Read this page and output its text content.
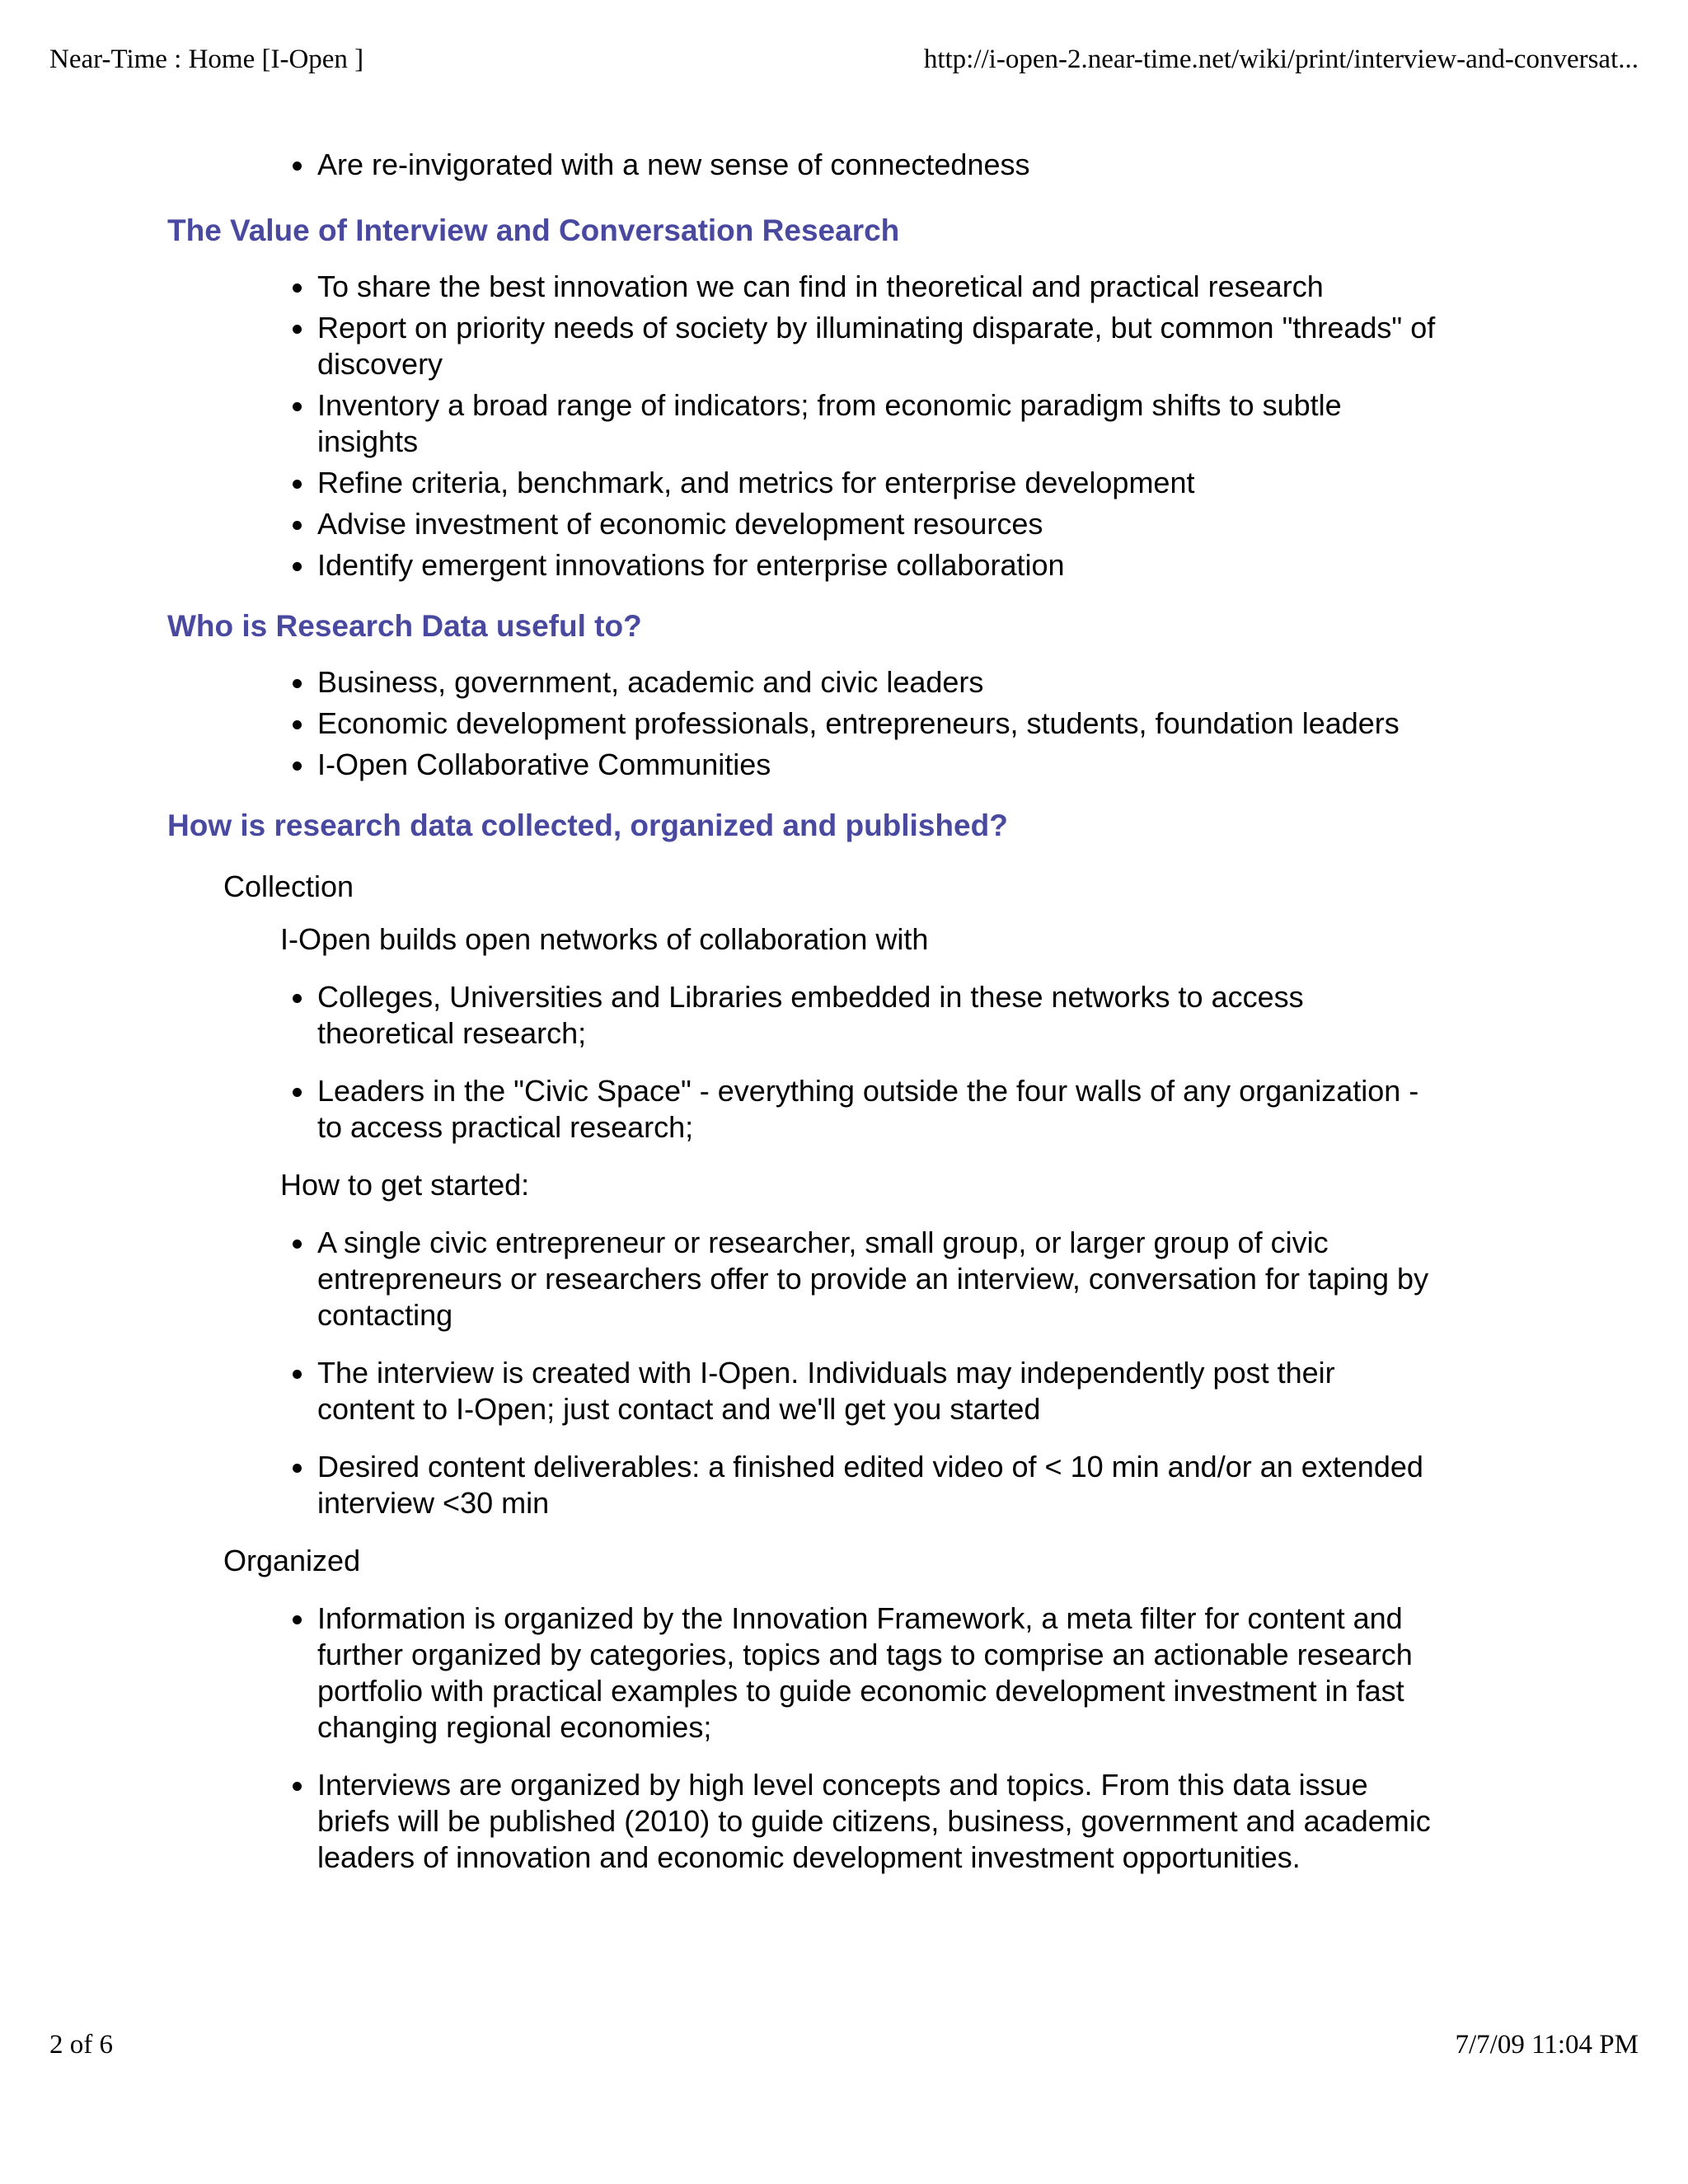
Near-Time : Home [I-Open ]	http://i-open-2.near-time.net/wiki/print/interview-and-conversat...
Are re-invigorated with a new sense of connectedness
The Value of Interview and Conversation Research
To share the best innovation we can find in theoretical and practical research
Report on priority needs of society by illuminating disparate, but common "threads" of discovery
Inventory a broad range of indicators; from economic paradigm shifts to subtle insights
Refine criteria, benchmark, and metrics for enterprise development
Advise investment of economic development resources
Identify emergent innovations for enterprise collaboration
Who is Research Data useful to?
Business, government, academic and civic leaders
Economic development professionals, entrepreneurs, students, foundation leaders
I-Open Collaborative Communities
How is research data collected, organized and published?
Collection
I-Open builds open networks of collaboration with
Colleges, Universities and Libraries embedded in these networks to access theoretical research;
Leaders in the "Civic Space" - everything outside the four walls of any organization - to access practical research;
How to get started:
A single civic entrepreneur or researcher, small group, or larger group of civic entrepreneurs or researchers offer to provide an interview, conversation for taping by contacting
The interview is created with I-Open. Individuals may independently post their content to I-Open; just contact and we'll get you started
Desired content deliverables: a finished edited video of < 10 min and/or an extended interview <30 min
Organized
Information is organized by the Innovation Framework, a meta filter for content and further organized by categories, topics and tags to comprise an actionable research portfolio with practical examples to guide economic development investment in fast changing regional economies;
Interviews are organized by high level concepts and topics. From this data issue briefs will be published (2010) to guide citizens, business, government and academic leaders of innovation and economic development investment opportunities.
2 of 6	7/7/09 11:04 PM
